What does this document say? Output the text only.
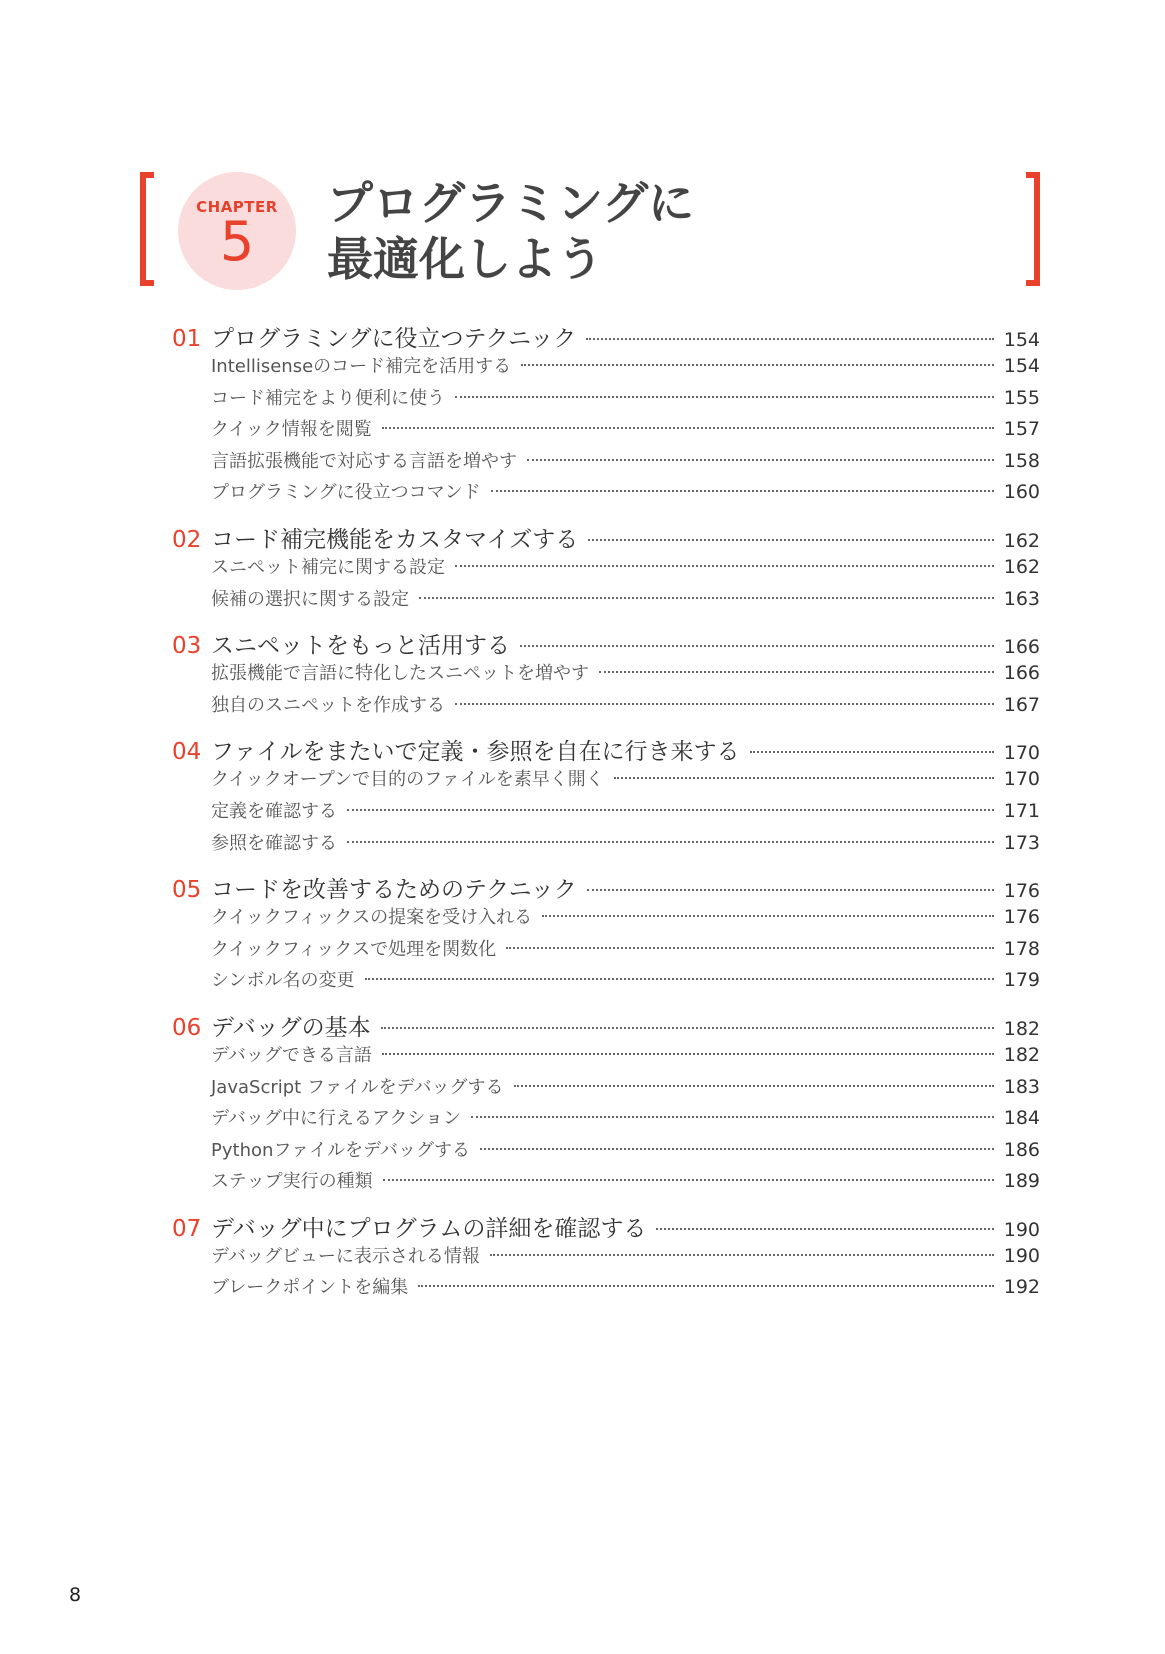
CHAPTER
5
プログラミングに
最適化しよう
01 プログラミングに役立つテクニック	154
Intellisenseのコード補完を活用する	154
コード補完をより便利に使う	155
クイック情報を閲覧	157
言語拡張機能で対応する言語を増やす	158
プログラミングに役立つコマンド	160
02 コード補完機能をカスタマイズする	162
スニペット補完に関する設定	162
候補の選択に関する設定	163
03 スニペットをもっと活用する	166
拡張機能で言語に特化したスニペットを増やす	166
独自のスニペットを作成する	167
04 ファイルをまたいで定義・参照を自在に行き来する	170
クイックオープンで目的のファイルを素早く開く	170
定義を確認する	171
参照を確認する	173
05 コードを改善するためのテクニック	176
クイックフィックスの提案を受け入れる	176
クイックフィックスで処理を関数化	178
シンボル名の変更	179
06 デバッグの基本	182
デバッグできる言語	182
JavaScript ファイルをデバッグする	183
デバッグ中に行えるアクション	184
Pythonファイルをデバッグする	186
ステップ実行の種類	189
07 デバッグ中にプログラムの詳細を確認する	190
デバッグビューに表示される情報	190
ブレークポイントを編集	192
8
